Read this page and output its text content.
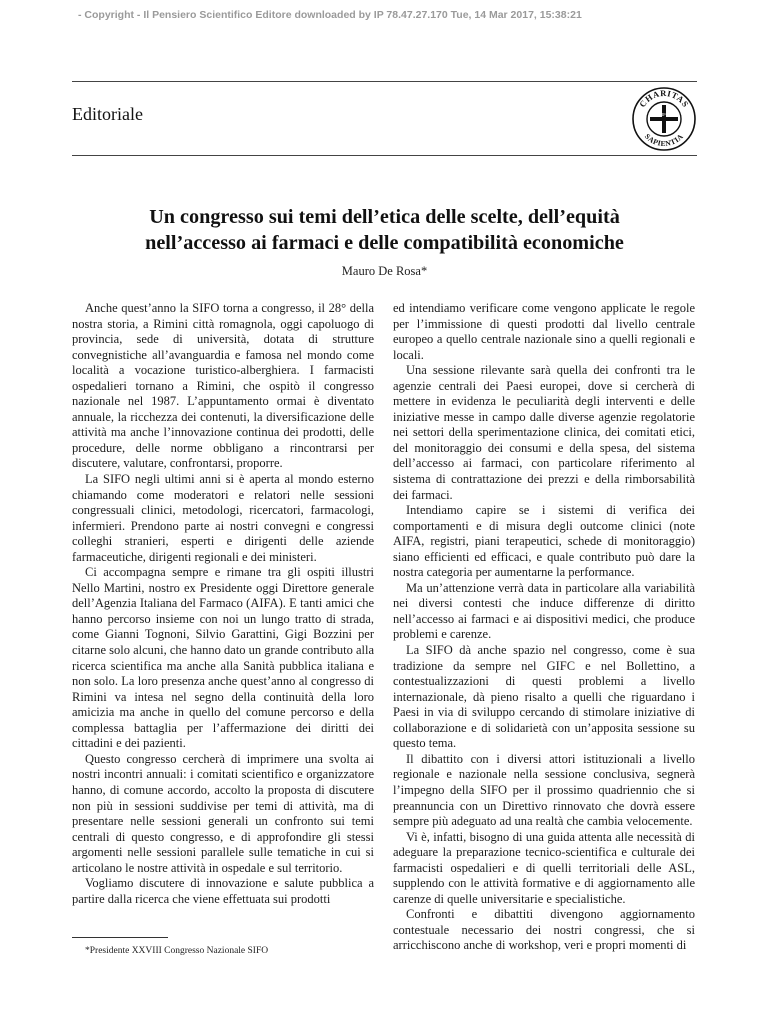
- Copyright - Il Pensiero Scientifico Editore downloaded by IP 78.47.27.170 Tue, 14 Mar 2017, 15:38:21
Editoriale
CHARITAS
SAPIENTIA
SIFO
Un congresso sui temi dell’etica delle scelte, dell’equità
nell’accesso ai farmaci e delle compatibilità economiche
Mauro De Rosa*

Anche quest’anno la SIFO torna a congresso, il 28° della nostra storia, a Rimini città romagnola, oggi capoluogo di provincia, sede di università, dotata di strutture convegnistiche all’avanguardia e famosa nel mondo come località a vocazione turistico-alberghiera. I farmacisti ospedalieri tornano a Rimini, che ospitò il congresso nazionale nel 1987. L’appuntamento ormai è diventato annuale, la ricchezza dei contenuti, la diversificazione delle attività ma anche l’innovazione continua dei prodotti, delle procedure, delle norme obbligano a rincontrarsi per discutere, valutare, confrontarsi, proporre.

La SIFO negli ultimi anni si è aperta al mondo esterno chiamando come moderatori e relatori nelle sessioni congressuali clinici, metodologi, ricercatori, farmacologi, infermieri. Prendono parte ai nostri convegni e congressi colleghi stranieri, esperti e dirigenti delle aziende farmaceutiche, dirigenti regionali e dei ministeri.

Ci accompagna sempre e rimane tra gli ospiti illustri Nello Martini, nostro ex Presidente oggi Direttore generale dell’Agenzia Italiana del Farmaco (AIFA). E tanti amici che hanno percorso insieme con noi un lungo tratto di strada, come Gianni Tognoni, Silvio Garattini, Gigi Bozzini per citarne solo alcuni, che hanno dato un grande contributo alla ricerca scientifica ma anche alla Sanità pubblica italiana e non solo. La loro presenza anche quest’anno al congresso di Rimini va intesa nel segno della continuità della loro amicizia ma anche in quello del comune percorso e della complessa battaglia per l’affermazione dei diritti dei cittadini e dei pazienti.

Questo congresso cercherà di imprimere una svolta ai nostri incontri annuali: i comitati scientifico e organizzatore hanno, di comune accordo, accolto la proposta di discutere non più in sessioni suddivise per temi di attività, ma di presentare nelle sessioni generali un confronto sui temi centrali di questo congresso, e di approfondire gli stessi argomenti nelle sessioni parallele sulle tematiche in cui si articolano le nostre attività in ospedale e sul territorio.

Vogliamo discutere di innovazione e salute pubblica a partire dalla ricerca che viene effettuata sui prodotti

ed intendiamo verificare come vengono applicate le regole per l’immissione di questi prodotti dal livello centrale europeo a quello centrale nazionale sino a quelli regionali e locali.

Una sessione rilevante sarà quella dei confronti tra le agenzie centrali dei Paesi europei, dove si cercherà di mettere in evidenza le peculiarità degli interventi e delle iniziative messe in campo dalle diverse agenzie regolatorie nei settori della sperimentazione clinica, dei comitati etici, del monitoraggio dei consumi e della spesa, del sistema dell’accesso ai farmaci, con particolare riferimento al sistema di contrattazione dei prezzi e della rimborsabilità dei farmaci.

Intendiamo capire se i sistemi di verifica dei comportamenti e di misura degli outcome clinici (note AIFA, registri, piani terapeutici, schede di monitoraggio) siano efficienti ed efficaci, e quale contributo può dare la nostra categoria per aumentarne la performance.

Ma un’attenzione verrà data in particolare alla variabilità nei diversi contesti che induce differenze di diritto nell’accesso ai farmaci e ai dispositivi medici, che produce problemi e carenze.

La SIFO dà anche spazio nel congresso, come è sua tradizione da sempre nel GIFC e nel Bollettino, a contestualizzazioni di questi problemi a livello internazionale, dà pieno risalto a quelli che riguardano i Paesi in via di sviluppo cercando di stimolare iniziative di collaborazione e di solidarietà con un’apposita sessione su questo tema.

Il dibattito con i diversi attori istituzionali a livello regionale e nazionale nella sessione conclusiva, segnerà l’impegno della SIFO per il prossimo quadriennio che si preannuncia con un Direttivo rinnovato che dovrà essere sempre più adeguato ad una realtà che cambia velocemente.

Vi è, infatti, bisogno di una guida attenta alle necessità di adeguare la preparazione tecnico-scientifica e culturale dei farmacisti ospedalieri e di quelli territoriali delle ASL, supplendo con le attività formative e di aggiornamento alle carenze di quelle universitarie e specialistiche.

Confronti e dibattiti divengono aggiornamento contestuale necessario dei nostri congressi, che si arricchiscono anche di workshop, veri e propri momenti di

*Presidente XXVIII Congresso Nazionale SIFO
